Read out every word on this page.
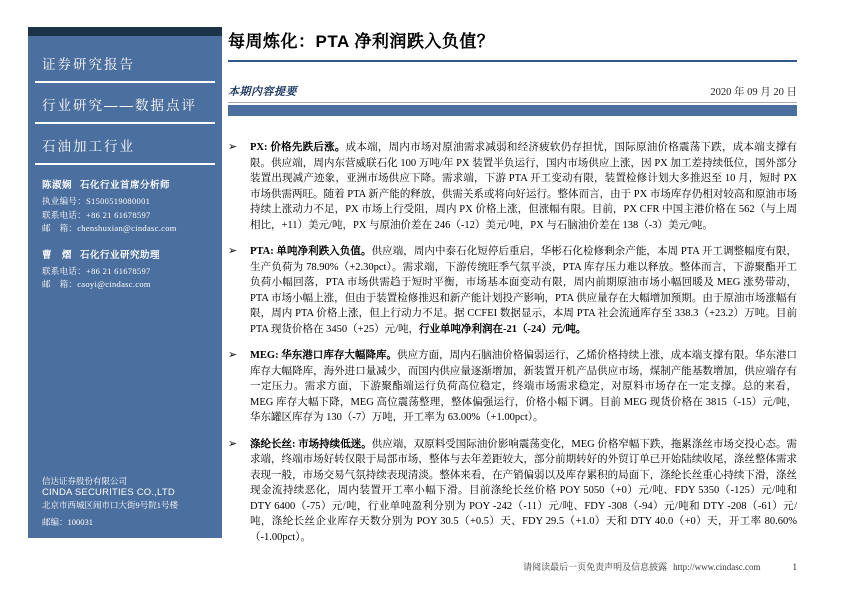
证券研究报告
行业研究——数据点评
石油加工行业
陈淑娴 石化行业首席分析师
执业编号：S1500519080001
联系电话：+86 21 61678597
邮　箱：chenshuxian@cindasc.com
曹　熠 石化行业研究助理
联系电话：+86 21 61678597
邮　箱：caoyi@cindasc.com
信达证券股份有限公司
CINDA SECURITIES CO.,LTD
北京市西城区闹市口大街9号院1号楼
邮编：100031
每周炼化：PTA 净利润跌入负值？
本期内容提要	2020 年 09 月 20 日
➢	PX: 价格先跌后涨。成本端，周内市场对原油需求减弱和经济疲软仍存担忧，国际原油价格震荡下跌，成本端支撑有限。供应端，周内东营威联石化 100 万吨/年 PX 装置半负运行，国内市场供应上涨，因 PX 加工差持续低位，国外部分装置出现减产迹象，亚洲市场供应下降。需求端，下游 PTA 开工变动有限，装置检修计划大多推迟至 10 月，短时 PX 市场供需两旺。随着 PTA 新产能的释放，供需关系或将向好运行。整体而言，由于 PX 市场库存仍相对较高和原油市场持续上涨动力不足，PX 市场上行受阻，周内 PX 价格上涨，但涨幅有限。目前，PX CFR 中国主港价格在 562（与上周相比，+11）美元/吨，PX 与原油价差在 246（-12）美元/吨，PX 与石脑油价差在 138（-3）美元/吨。

➢	PTA: 单吨净利跌入负值。供应端，周内中泰石化短停后重启，华彬石化检修剩余产能，本周 PTA 开工调整幅度有限，生产负荷为 78.90%（+2.30pct）。需求端，下游传统旺季气氛平淡，PTA 库存压力难以释放。整体而言，下游聚酯开工负荷小幅回落，PTA 市场供需趋于短时平衡，市场基本面变动有限，周内前期原油市场小幅回暖及 MEG 涨势带动，PTA 市场小幅上涨，但由于装置检修推迟和新产能计划投产影响，PTA 供应量存在大幅增加预期。由于原油市场涨幅有限，周内 PTA 价格上涨，但上行动力不足。据 CCFEI 数据显示，本周 PTA 社会流通库存至 338.3（+23.2）万吨。目前 PTA 现货价格在 3450（+25）元/吨，行业单吨净利润在-21（-24）元/吨。

➢	MEG: 华东港口库存大幅降库。供应方面，周内石脑油价格偏弱运行，乙烯价格持续上涨，成本端支撑有限。华东港口库存大幅降库，海外进口量减少，而国内供应量逐渐增加，新装置开机产品供应市场，煤制产能基数增加，供应端存有一定压力。需求方面，下游聚酯端运行负荷高位稳定，终端市场需求稳定，对原料市场存在一定支撑。总的来看，MEG 库存大幅下降，MEG 高位震荡整理，整体偏强运行，价格小幅下调。目前 MEG 现货价格在 3815（-15）元/吨，华东罐区库存为 130（-7）万吨，开工率为 63.00%（+1.00pct）。

➢	涤纶长丝: 市场持续低迷。供应端，双原料受国际油价影响震荡变化，MEG 价格窄幅下跌，拖累涤丝市场交投心态。需求端，终端市场好转仅限于局部市场，整体与去年差距较大，部分前期转好的外贸订单已开始陆续收尾，涤丝整体需求表现一般，市场交易气氛持续表现清淡。整体来看，在产销偏弱以及库存累积的局面下，涤纶长丝重心持续下滑，涤丝现金流持续恶化，周内装置开工率小幅下滑。目前涤纶长丝价格 POY 5050（+0）元/吨、FDY 5350（-125）元/吨和 DTY 6400（-75）元/吨，行业单吨盈利分别为 POY -242（-11）元/吨、FDY -308（-94）元/吨和 DTY -208（-61）元/吨，涤纶长丝企业库存天数分别为 POY 30.5（+0.5）天、FDY 29.5（+1.0）天和 DTY 40.0（+0）天，开工率 80.60%（-1.00pct）。

请阅读最后一页免责声明及信息披露 http://www.cindasc.com	1
